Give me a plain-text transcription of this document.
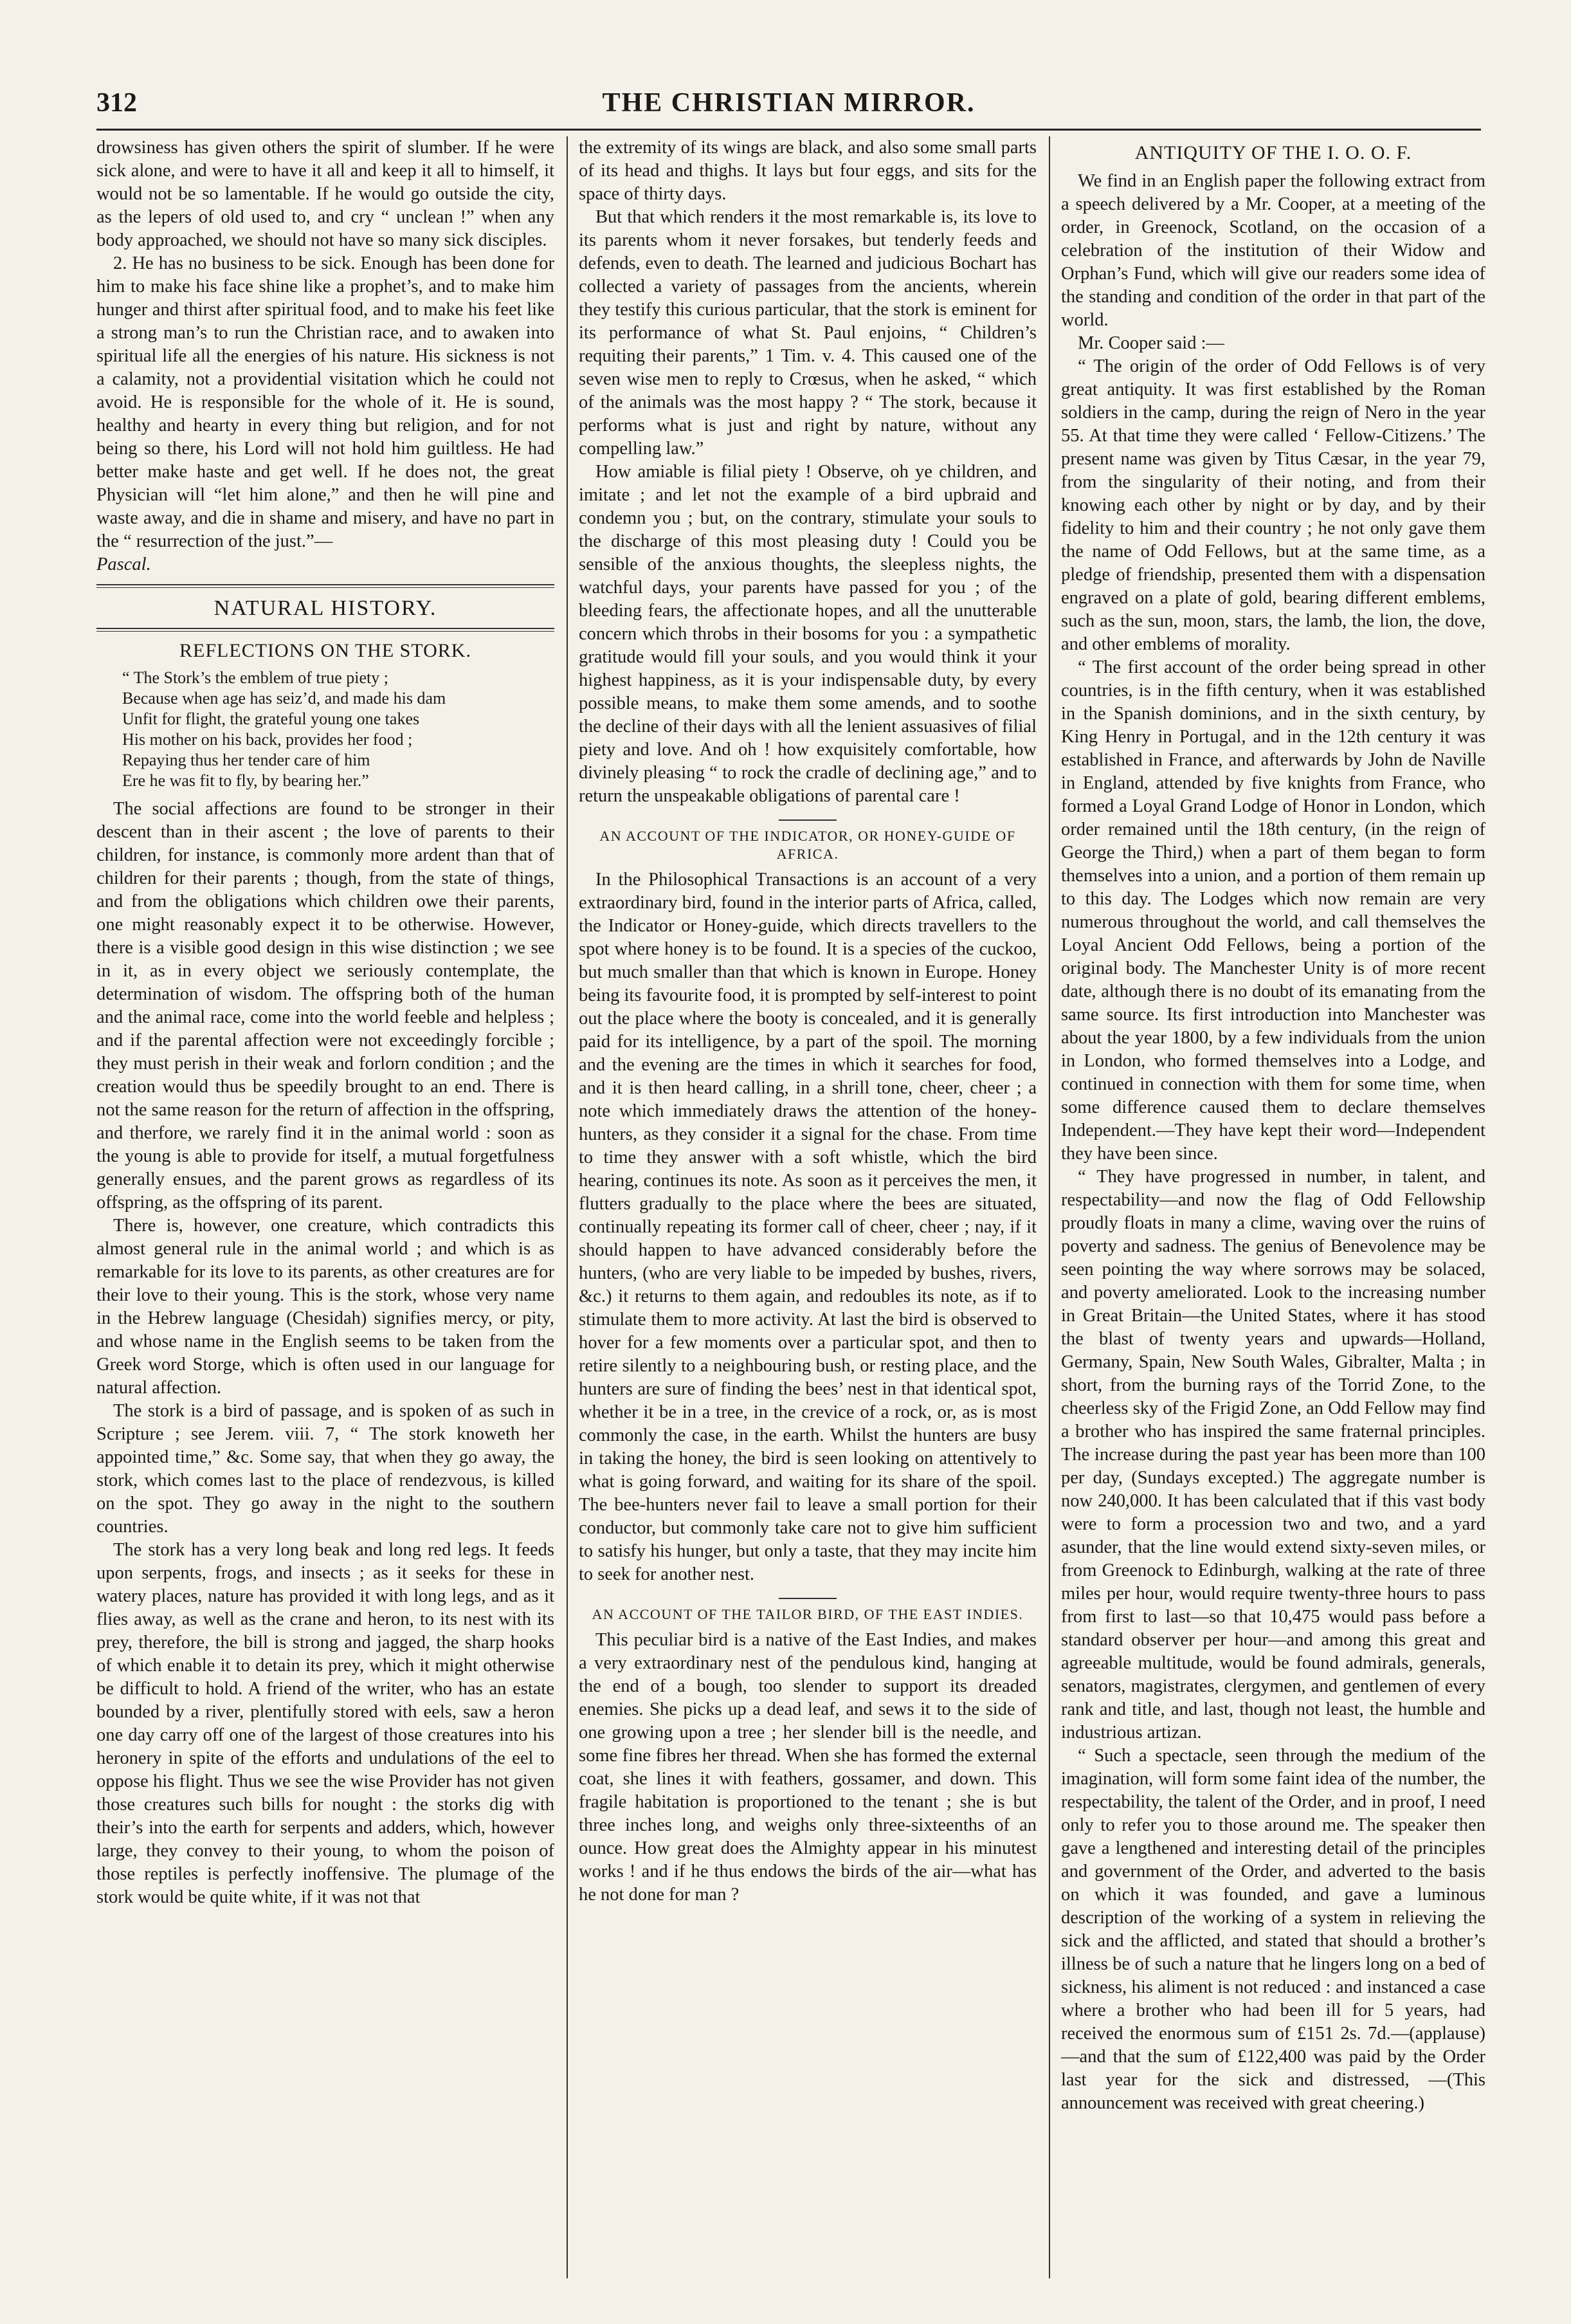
312	THE CHRISTIAN MIRROR.

drowsiness has given others the spirit of slumber. If he were sick alone, and were to have it all and keep it all to himself, it would not be so lamentable. If he would go outside the city, as the lepers of old used to, and cry “ unclean !” when any body approached, we should not have so many sick disciples.

2. He has no business to be sick. Enough has been done for him to make his face shine like a prophet’s, and to make him hunger and thirst after spiritual food, and to make his feet like a strong man’s to run the Christian race, and to awaken into spiritual life all the energies of his nature. His sickness is not a calamity, not a providential visitation which he could not avoid. He is responsible for the whole of it. He is sound, healthy and hearty in every thing but religion, and for not being so there, his Lord will not hold him guiltless. He had better make haste and get well. If he does not, the great Physician will “let him alone,” and then he will pine and waste away, and die in shame and misery, and have no part in the “ resurrection of the just.”—

Pascal.

NATURAL HISTORY.
REFLECTIONS ON THE STORK.
“ The Stork’s the emblem of true piety ;
Because when age has seiz’d, and made his dam
Unfit for flight, the grateful young one takes
His mother on his back, provides her food ;
Repaying thus her tender care of him
Ere he was fit to fly, by bearing her.”

The social affections are found to be stronger in their descent than in their ascent ; the love of parents to their children, for instance, is commonly more ardent than that of children for their parents ; though, from the state of things, and from the obligations which children owe their parents, one might reasonably expect it to be otherwise. However, there is a visible good design in this wise distinction ; we see in it, as in every object we seriously contemplate, the determination of wisdom. The offspring both of the human and the animal race, come into the world feeble and helpless ; and if the parental affection were not exceedingly forcible ; they must perish in their weak and forlorn condition ; and the creation would thus be speedily brought to an end. There is not the same reason for the return of affection in the offspring, and therfore, we rarely find it in the animal world : soon as the young is able to provide for itself, a mutual forgetfulness generally ensues, and the parent grows as regardless of its offspring, as the offspring of its parent.

There is, however, one creature, which contradicts this almost general rule in the animal world ; and which is as remarkable for its love to its parents, as other creatures are for their love to their young. This is the stork, whose very name in the Hebrew language (Chesidah) signifies mercy, or pity, and whose name in the English seems to be taken from the Greek word Storge, which is often used in our language for natural affection.

The stork is a bird of passage, and is spoken of as such in Scripture ; see Jerem. viii. 7, “ The stork knoweth her appointed time,” &c. Some say, that when they go away, the stork, which comes last to the place of rendezvous, is killed on the spot. They go away in the night to the southern countries.

The stork has a very long beak and long red legs. It feeds upon serpents, frogs, and insects ; as it seeks for these in watery places, nature has provided it with long legs, and as it flies away, as well as the crane and heron, to its nest with its prey, therefore, the bill is strong and jagged, the sharp hooks of which enable it to detain its prey, which it might otherwise be difficult to hold. A friend of the writer, who has an estate bounded by a river, plentifully stored with eels, saw a heron one day carry off one of the largest of those creatures into his heronery in spite of the efforts and undulations of the eel to oppose his flight. Thus we see the wise Provider has not given those creatures such bills for nought : the storks dig with their’s into the earth for serpents and adders, which, however large, they convey to their young, to whom the poison of those reptiles is perfectly inoffensive. The plumage of the stork would be quite white, if it was not that

the extremity of its wings are black, and also some small parts of its head and thighs. It lays but four eggs, and sits for the space of thirty days.

But that which renders it the most remarkable is, its love to its parents whom it never forsakes, but tenderly feeds and defends, even to death. The learned and judicious Bochart has collected a variety of passages from the ancients, wherein they testify this curious particular, that the stork is eminent for its performance of what St. Paul enjoins, “ Children’s requiting their parents,” 1 Tim. v. 4. This caused one of the seven wise men to reply to Crœsus, when he asked, “ which of the animals was the most happy ? “ The stork, because it performs what is just and right by nature, without any compelling law.”

How amiable is filial piety ! Observe, oh ye children, and imitate ; and let not the example of a bird upbraid and condemn you ; but, on the contrary, stimulate your souls to the discharge of this most pleasing duty ! Could you be sensible of the anxious thoughts, the sleepless nights, the watchful days, your parents have passed for you ; of the bleeding fears, the affectionate hopes, and all the unutterable concern which throbs in their bosoms for you : a sympathetic gratitude would fill your souls, and you would think it your highest happiness, as it is your indispensable duty, by every possible means, to make them some amends, and to soothe the decline of their days with all the lenient assuasives of filial piety and love. And oh ! how exquisitely comfortable, how divinely pleasing “ to rock the cradle of declining age,” and to return the unspeakable obligations of parental care !

AN ACCOUNT OF THE INDICATOR, OR HONEY-GUIDE OF AFRICA.

In the Philosophical Transactions is an account of a very extraordinary bird, found in the interior parts of Africa, called, the Indicator or Honey-guide, which directs travellers to the spot where honey is to be found. It is a species of the cuckoo, but much smaller than that which is known in Europe. Honey being its favourite food, it is prompted by self-interest to point out the place where the booty is concealed, and it is generally paid for its intelligence, by a part of the spoil. The morning and the evening are the times in which it searches for food, and it is then heard calling, in a shrill tone, cheer, cheer ; a note which immediately draws the attention of the honey-hunters, as they consider it a signal for the chase. From time to time they answer with a soft whistle, which the bird hearing, continues its note. As soon as it perceives the men, it flutters gradually to the place where the bees are situated, continually repeating its former call of cheer, cheer ; nay, if it should happen to have advanced considerably before the hunters, (who are very liable to be impeded by bushes, rivers, &c.) it returns to them again, and redoubles its note, as if to stimulate them to more activity. At last the bird is observed to hover for a few moments over a particular spot, and then to retire silently to a neighbouring bush, or resting place, and the hunters are sure of finding the bees’ nest in that identical spot, whether it be in a tree, in the crevice of a rock, or, as is most commonly the case, in the earth. Whilst the hunters are busy in taking the honey, the bird is seen looking on attentively to what is going forward, and waiting for its share of the spoil. The bee-hunters never fail to leave a small portion for their conductor, but commonly take care not to give him sufficient to satisfy his hunger, but only a taste, that they may incite him to seek for another nest.

AN ACCOUNT OF THE TAILOR BIRD, OF THE EAST INDIES.

This peculiar bird is a native of the East Indies, and makes a very extraordinary nest of the pendulous kind, hanging at the end of a bough, too slender to support its dreaded enemies. She picks up a dead leaf, and sews it to the side of one growing upon a tree ; her slender bill is the needle, and some fine fibres her thread. When she has formed the external coat, she lines it with feathers, gossamer, and down. This fragile habitation is proportioned to the tenant ; she is but three inches long, and weighs only three-sixteenths of an ounce. How great does the Almighty appear in his minutest works ! and if he thus endows the birds of the air—what has he not done for man ?

ANTIQUITY OF THE I. O. O. F.

We find in an English paper the following extract from a speech delivered by a Mr. Cooper, at a meeting of the order, in Greenock, Scotland, on the occasion of a celebration of the institution of their Widow and Orphan’s Fund, which will give our readers some idea of the standing and condition of the order in that part of the world.

Mr. Cooper said :—

“ The origin of the order of Odd Fellows is of very great antiquity. It was first established by the Roman soldiers in the camp, during the reign of Nero in the year 55. At that time they were called ‘ Fellow-Citizens.’ The present name was given by Titus Cæsar, in the year 79, from the singularity of their noting, and from their knowing each other by night or by day, and by their fidelity to him and their country ; he not only gave them the name of Odd Fellows, but at the same time, as a pledge of friendship, presented them with a dispensation engraved on a plate of gold, bearing different emblems, such as the sun, moon, stars, the lamb, the lion, the dove, and other emblems of morality.

“ The first account of the order being spread in other countries, is in the fifth century, when it was established in the Spanish dominions, and in the sixth century, by King Henry in Portugal, and in the 12th century it was established in France, and afterwards by John de Naville in England, attended by five knights from France, who formed a Loyal Grand Lodge of Honor in London, which order remained until the 18th century, (in the reign of George the Third,) when a part of them began to form themselves into a union, and a portion of them remain up to this day. The Lodges which now remain are very numerous throughout the world, and call themselves the Loyal Ancient Odd Fellows, being a portion of the original body. The Manchester Unity is of more recent date, although there is no doubt of its emanating from the same source. Its first introduction into Manchester was about the year 1800, by a few individuals from the union in London, who formed themselves into a Lodge, and continued in connection with them for some time, when some difference caused them to declare themselves Independent.—They have kept their word—Independent they have been since.

“ They have progressed in number, in talent, and respectability—and now the flag of Odd Fellowship proudly floats in many a clime, waving over the ruins of poverty and sadness. The genius of Benevolence may be seen pointing the way where sorrows may be solaced, and poverty ameliorated. Look to the increasing number in Great Britain—the United States, where it has stood the blast of twenty years and upwards—Holland, Germany, Spain, New South Wales, Gibralter, Malta ; in short, from the burning rays of the Torrid Zone, to the cheerless sky of the Frigid Zone, an Odd Fellow may find a brother who has inspired the same fraternal principles. The increase during the past year has been more than 100 per day, (Sundays excepted.) The aggregate number is now 240,000. It has been calculated that if this vast body were to form a procession two and two, and a yard asunder, that the line would extend sixty-seven miles, or from Greenock to Edinburgh, walking at the rate of three miles per hour, would require twenty-three hours to pass from first to last—so that 10,475 would pass before a standard observer per hour—and among this great and agreeable multitude, would be found admirals, generals, senators, magistrates, clergymen, and gentlemen of every rank and title, and last, though not least, the humble and industrious artizan.

“ Such a spectacle, seen through the medium of the imagination, will form some faint idea of the number, the respectability, the talent of the Order, and in proof, I need only to refer you to those around me. The speaker then gave a lengthened and interesting detail of the principles and government of the Order, and adverted to the basis on which it was founded, and gave a luminous description of the working of a system in relieving the sick and the afflicted, and stated that should a brother’s illness be of such a nature that he lingers long on a bed of sickness, his aliment is not reduced : and instanced a case where a brother who had been ill for 5 years, had received the enormous sum of £151 2s. 7d.—(applause)—and that the sum of £122,400 was paid by the Order last year for the sick and distressed, —(This announcement was received with great cheering.)
